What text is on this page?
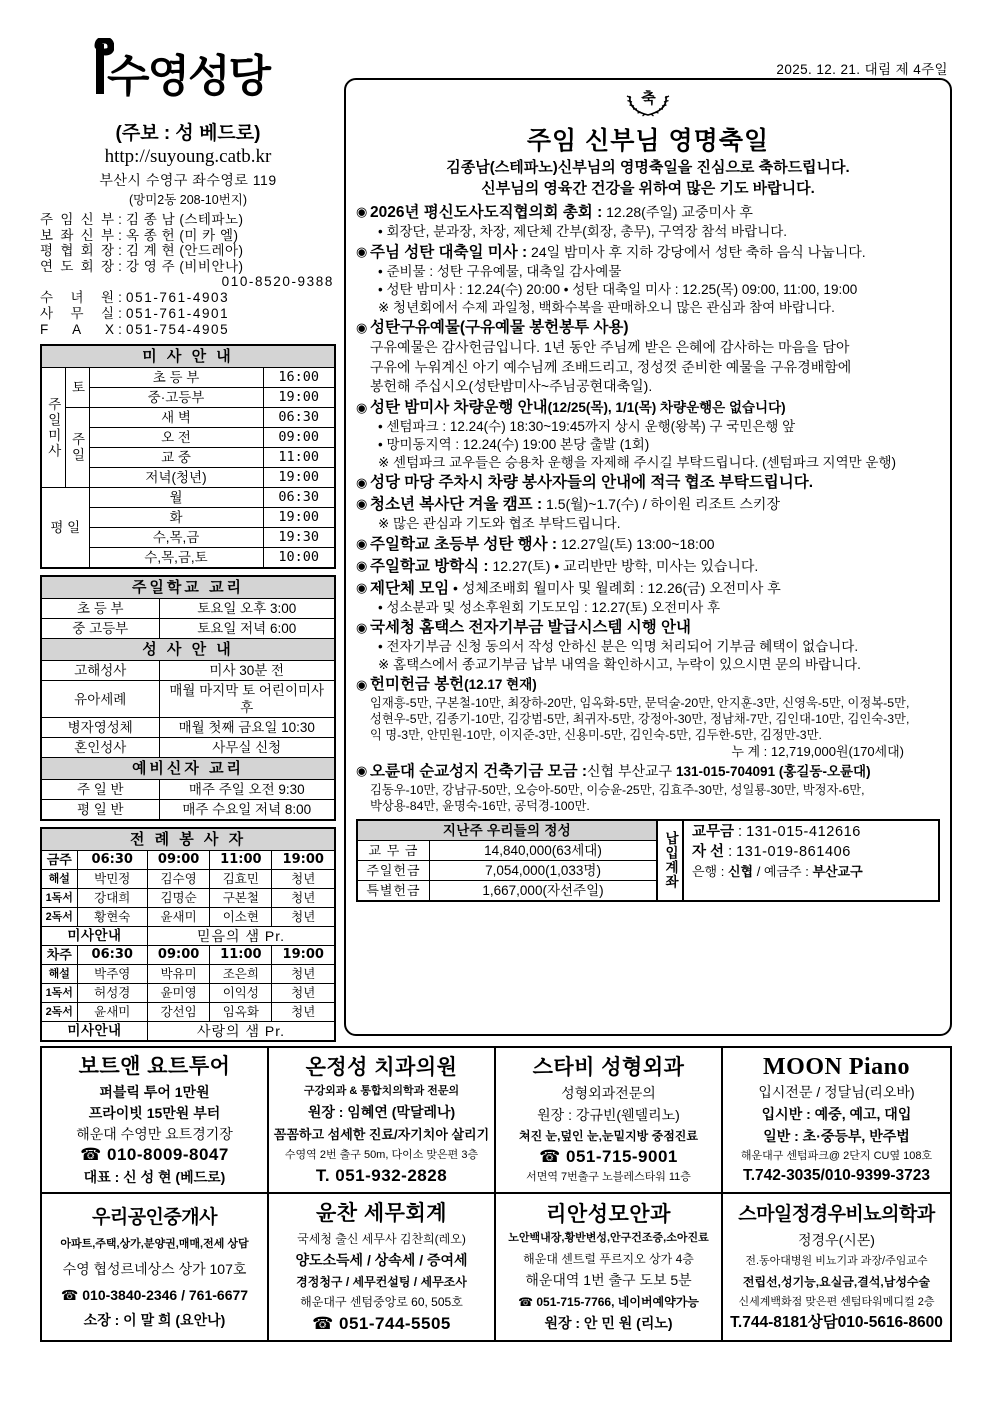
수영성당
(주보 : 성 베드로)
http://suyoung.catb.kr
부산시 수영구 좌수영로 119
(망미2동 208-10번지)
주 임 신 부 : 김 종 남 (스테파노)
보 좌 신 부 : 옥 종 헌 (미 카 엘)
평 협 회 장 : 김 계 현 (안드레아)
연 도 회 장 : 강 영 주 (비비안나)
010-8520-9388
수 녀 원 : 051-761-4903
사 무 실 : 051-761-4901
F A X : 051-754-4905
미 사 안 내			
주일미사	토	초 등 부	16:00
		중·고등부	19:00
	주일	새 벽	06:30
		오 전	09:00
		교 중	11:00
		저녁(청년)	19:00
평 일		월	06:30
		화	19:00
		수,목,금	19:30
		수,목,금,토	10:00
주일학교 교리	
초 등 부	토요일 오후 3:00
중 고등부	토요일 저녁 6:00
성 사 안 내	
고해성사	미사 30분 전
유아세례	매월 마지막 토 어린이미사 후
병자영성체	매월 첫째 금요일 10:30
혼인성사	사무실 신청
예비신자 교리	
주 일 반	매주 주일 오전 9:30
평 일 반	매주 수요일 저녁 8:00
전 례 봉 사 자				
금주	06:30	09:00	11:00	19:00
해설	박민정	김수영	김효민	청년
1독서	강대희	김명순	구본철	청년
2독서	황현숙	윤새미	이소현	청년
미사안내		믿음의 샘 Pr.		
차주	06:30	09:00	11:00	19:00
해설	박주영	박유미	조은희	청년
1독서	허성경	윤미영	이익성	청년
2독서	윤새미	강선임	임옥화	청년
미사안내		사랑의 샘 Pr.		
2025. 12. 21. 대림 제 4주일
축
주임 신부님 영명축일
김종남(스테파노)신부님의 영명축일을 진심으로 축하드립니다.
신부님의 영육간 건강을 위하여 많은 기도 바랍니다.
◉ 2026년 평신도사도직협의회 총회 : 12.28(주일) 교중미사 후
• 회장단, 분과장, 차장, 제단체 간부(회장, 총무), 구역장 참석 바랍니다.
◉ 주님 성탄 대축일 미사 : 24일 밤미사 후 지하 강당에서 성탄 축하 음식 나눕니다.
• 준비물 : 성탄 구유예물, 대축일 감사예물
• 성탄 밤미사 : 12.24(수) 20:00 • 성탄 대축일 미사 : 12.25(목) 09:00, 11:00, 19:00
※ 청년회에서 수제 과일청, 백화수복을 판매하오니 많은 관심과 참여 바랍니다.
◉ 성탄구유예물(구유예물 봉헌봉투 사용)
구유예물은 감사헌금입니다. 1년 동안 주님께 받은 은혜에 감사하는 마음을 담아
구유에 누워계신 아기 예수님께 조배드리고, 정성껏 준비한 예물을 구유경배함에
봉헌해 주십시오(성탄밤미사~주님공현대축일).
◉ 성탄 밤미사 차량운행 안내(12/25(목), 1/1(목) 차량운행은 없습니다)
• 센텀파크 : 12.24(수) 18:30~19:45까지 상시 운행(왕복) 구 국민은행 앞
• 망미동지역 : 12.24(수) 19:00 본당 출발 (1회)
※ 센텀파크 교우들은 승용차 운행을 자제해 주시길 부탁드립니다. (센텀파크 지역만 운행)
◉ 성당 마당 주차시 차량 봉사자들의 안내에 적극 협조 부탁드립니다.
◉ 청소년 복사단 겨울 캠프 : 1.5(월)~1.7(수) / 하이원 리조트 스키장
※ 많은 관심과 기도와 협조 부탁드립니다.
◉ 주일학교 초등부 성탄 행사 : 12.27일(토) 13:00~18:00
◉ 주일학교 방학식 : 12.27(토) • 교리반만 방학, 미사는 있습니다.
◉ 제단체 모임 • 성체조배회 월미사 및 월례회 : 12.26(금) 오전미사 후
• 성소분과 및 성소후원회 기도모임 : 12.27(토) 오전미사 후
◉ 국세청 홈택스 전자기부금 발급시스템 시행 안내
• 전자기부금 신청 동의서 작성 안하신 분은 익명 처리되어 기부금 혜택이 없습니다.
※ 홈택스에서 종교기부금 납부 내역을 확인하시고, 누락이 있으시면 문의 바랍니다.
◉ 헌미헌금 봉헌(12.17 현재)
임재흥-5만, 구본철-10만, 최장하-20만, 임옥화-5만, 문덕술-20만, 안지훈-3만, 신영욱-5만, 이정복-5만,
성현우-5만, 김종기-10만, 김강범-5만, 최귀자-5만, 강정아-30만, 정남채-7만, 김인대-10만, 김인숙-3만,
익 명-3만, 안민원-10만, 이지준-3만, 신용미-5만, 김인숙-5만, 김두한-5만, 김정만-3만.
누 계 : 12,719,000원(170세대)
◉ 오륜대 순교성지 건축기금 모금 :신협 부산교구 131-015-704091 (홍길동-오륜대)
김동우-10만, 강남규-50만, 오승아-50만, 이승윤-25만, 김효주-30만, 성일룡-30만, 박정자-6만,
박상용-84만, 윤명숙-16만, 공덕경-100만.
지난주 우리들의 정성
교 무 금	14,840,000(63세대)
주일헌금	7,054,000(1,033명)
특별헌금	1,667,000(자선주일)
납입계좌 교무금 : 131-015-412616
자 선 : 131-019-861406
은행 : 신협 / 예금주 : 부산교구
보트앤 요트투어
퍼블릭 투어 1만원
프라이빗 15만원 부터
해운대 수영만 요트경기장
☎ 010-8009-8047
대표 : 신 성 현 (베드로)
온정성 치과의원
구강외과 & 통합치의학과 전문의
원장 : 임혜연 (막달레나)
꼼꼼하고 섬세한 진료/자기치아 살리기
수영역 2번 출구 50m, 다이소 맞은편 3층
T. 051-932-2828
스타비 성형외과
성형외과전문의
원장 : 강규빈(웬델리노)
쳐진 눈,덮인 눈,눈밑지방 중점진료
☎ 051-715-9001
서면역 7번출구 노블레스타워 11층
MOON Piano
입시전문 / 정달님(리오바)
입시반 : 예중, 예고, 대입
일반 : 초·중등부, 반주법
해운대구 센텀파크@ 2단지 CU옆 108호
T.742-3035/010-9399-3723
우리공인중개사
아파트,주택,상가,분양권,매매,전세 상담
수영 협성르네상스 상가 107호
☎ 010-3840-2346 / 761-6677
소장 : 이 말 희 (요안나)
윤찬 세무회계
국세청 출신 세무사 김찬희(레오)
양도소득세 / 상속세 / 증여세
경정청구 / 세무컨설팅 / 세무조사
해운대구 센텀중앙로 60, 505호
☎ 051-744-5505
리안성모안과
노안백내장,황반변성,안구건조증,소아진료
해운대 센트럴 푸르지오 상가 4층
해운대역 1번 출구 도보 5분
☎ 051-715-7766, 네이버예약가능
원장 : 안 민 원 (리노)
스마일정경우비뇨의학과
정경우(시몬)
전.동아대병원 비뇨기과 과장/주임교수
전립선,성기능,요실금,결석,남성수술
신세계백화점 맞은편 센텀타워메디컬 2층
T.744-8181상담010-5616-8600
